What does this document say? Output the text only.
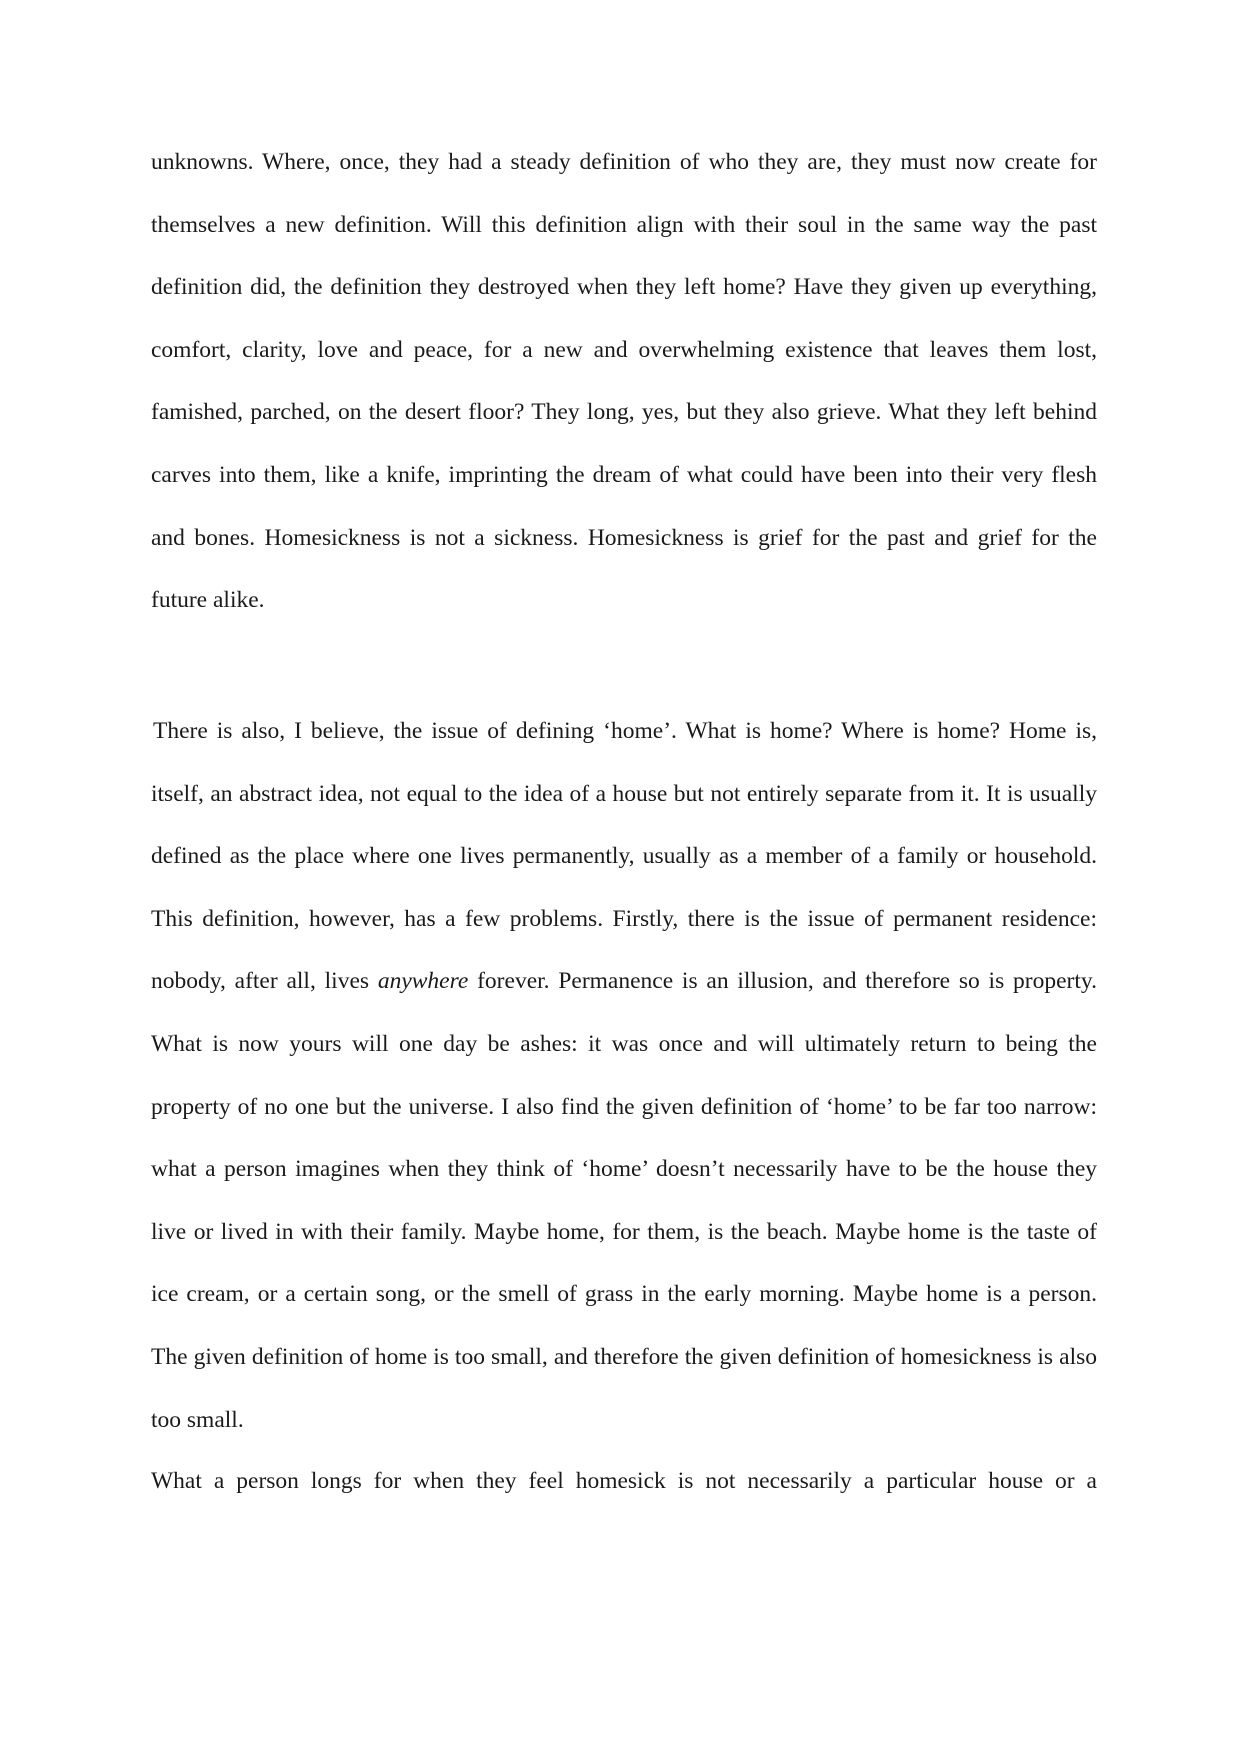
unknowns. Where, once, they had a steady definition of who they are, they must now create for themselves a new definition. Will this definition align with their soul in the same way the past definition did, the definition they destroyed when they left home? Have they given up everything, comfort, clarity, love and peace, for a new and overwhelming existence that leaves them lost, famished, parched, on the desert floor? They long, yes, but they also grieve. What they left behind carves into them, like a knife, imprinting the dream of what could have been into their very flesh and bones. Homesickness is not a sickness. Homesickness is grief for the past and grief for the future alike.

There is also, I believe, the issue of defining ‘home’. What is home? Where is home? Home is, itself, an abstract idea, not equal to the idea of a house but not entirely separate from it. It is usually defined as the place where one lives permanently, usually as a member of a family or household. This definition, however, has a few problems. Firstly, there is the issue of permanent residence: nobody, after all, lives anywhere forever. Permanence is an illusion, and therefore so is property. What is now yours will one day be ashes: it was once and will ultimately return to being the property of no one but the universe. I also find the given definition of ‘home’ to be far too narrow: what a person imagines when they think of ‘home’ doesn’t necessarily have to be the house they live or lived in with their family. Maybe home, for them, is the beach. Maybe home is the taste of ice cream, or a certain song, or the smell of grass in the early morning. Maybe home is a person. The given definition of home is too small, and therefore the given definition of homesickness is also too small.

What a person longs for when they feel homesick is not necessarily a particular house or a
